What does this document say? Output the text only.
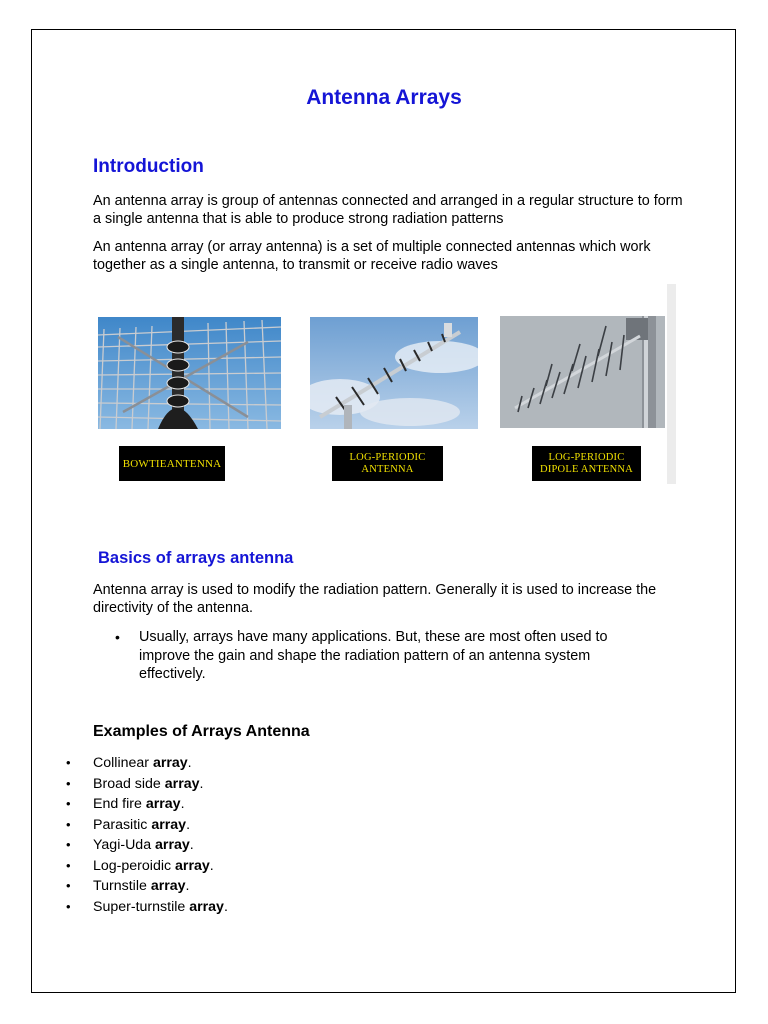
Antenna Arrays
Introduction

An antenna array is group of antennas connected and arranged in a regular structure to form a single antenna that is able to produce strong radiation patterns

An antenna array (or array antenna) is a set of multiple connected antennas which work together as a single antenna, to transmit or receive radio waves

BOWTIEANTENNA
LOG-PERIODIC
ANTENNA
LOG-PERIODIC
DIPOLE ANTENNA
Basics of arrays antenna

Antenna array is used to modify the radiation pattern. Generally it is used to increase the directivity of the antenna.

• Usually, arrays have many applications. But, these are most often used to improve the gain and shape the radiation pattern of an antenna system effectively.
Examples of Arrays Antenna
• Collinear array.
• Broad side array.
• End fire array.
• Parasitic array.
• Yagi-Uda array.
• Log-peroidic array.
• Turnstile array.
• Super-turnstile array.
